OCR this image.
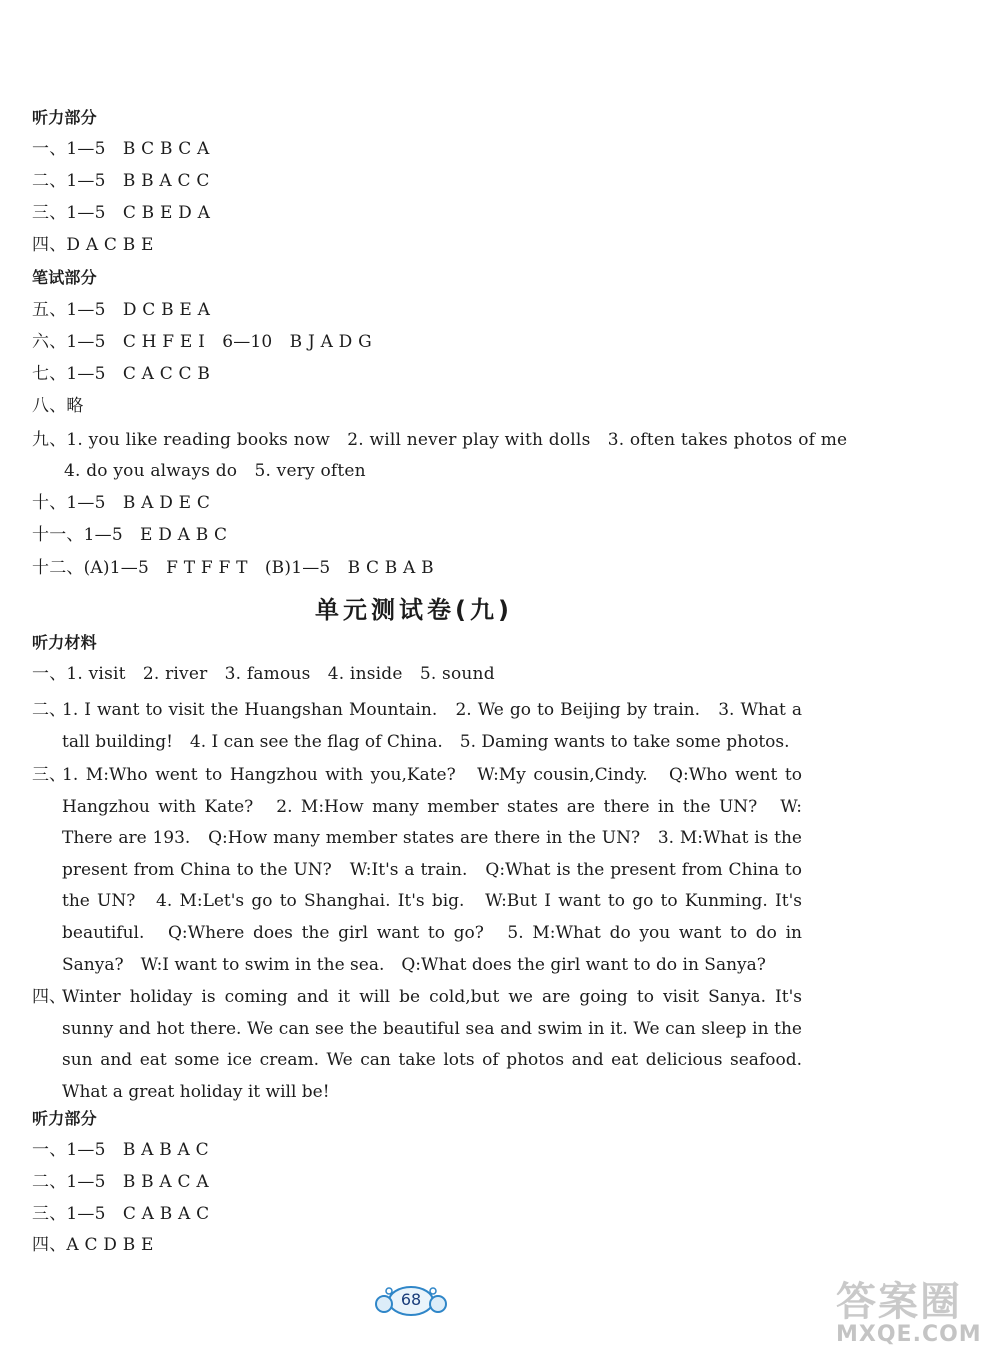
听力部分
一、1—5　B C B C A
二、1—5　B B A C C
三、1—5　C B E D A
四、D A C B E
笔试部分
五、1—5　D C B E A
六、1—5　C H F E I　6—10　B J A D G
七、1—5　C A C C B
八、略
九、1. you like reading books now　2. will never play with dolls　3. often takes photos of me
4. do you always do　5. very often
十、1—5　B A D E C
十一、1—5　E D A B C
十二、(A)1—5　F T F F T　(B)1—5　B C B A B
单元测试卷(九)
听力材料
一、1. visit　2. river　3. famous　4. inside　5. sound
二、
1. I want to visit the Huangshan Mountain.　2. We go to Beijing by train.　3. What a tall building!　4. I can see the flag of China.　5. Daming wants to take some photos.
三、
1. M:Who went to Hangzhou with you,Kate?　W:My cousin,Cindy.　Q:Who went to Hangzhou with Kate?　2. M:How many member states are there in the UN?　W: There are 193.　Q:How many member states are there in the UN?　3. M:What is the present from China to the UN?　W:It's a train.　Q:What is the present from China to the UN?　4. M:Let's go to Shanghai. It's big.　W:But I want to go to Kunming. It's beautiful.　Q:Where does the girl want to go?　5. M:What do you want to do in Sanya?　W:I want to swim in the sea.　Q:What does the girl want to do in Sanya?
四、
Winter holiday is coming and it will be cold,but we are going to visit Sanya. It's sunny and hot there. We can see the beautiful sea and swim in it. We can sleep in the sun and eat some ice cream. We can take lots of photos and eat delicious seafood. What a great holiday it will be!
听力部分
一、1—5　B A B A C
二、1—5　B B A C A
三、1—5　C A B A C
四、A C D B E
68	答案圈
MXQE.COM
